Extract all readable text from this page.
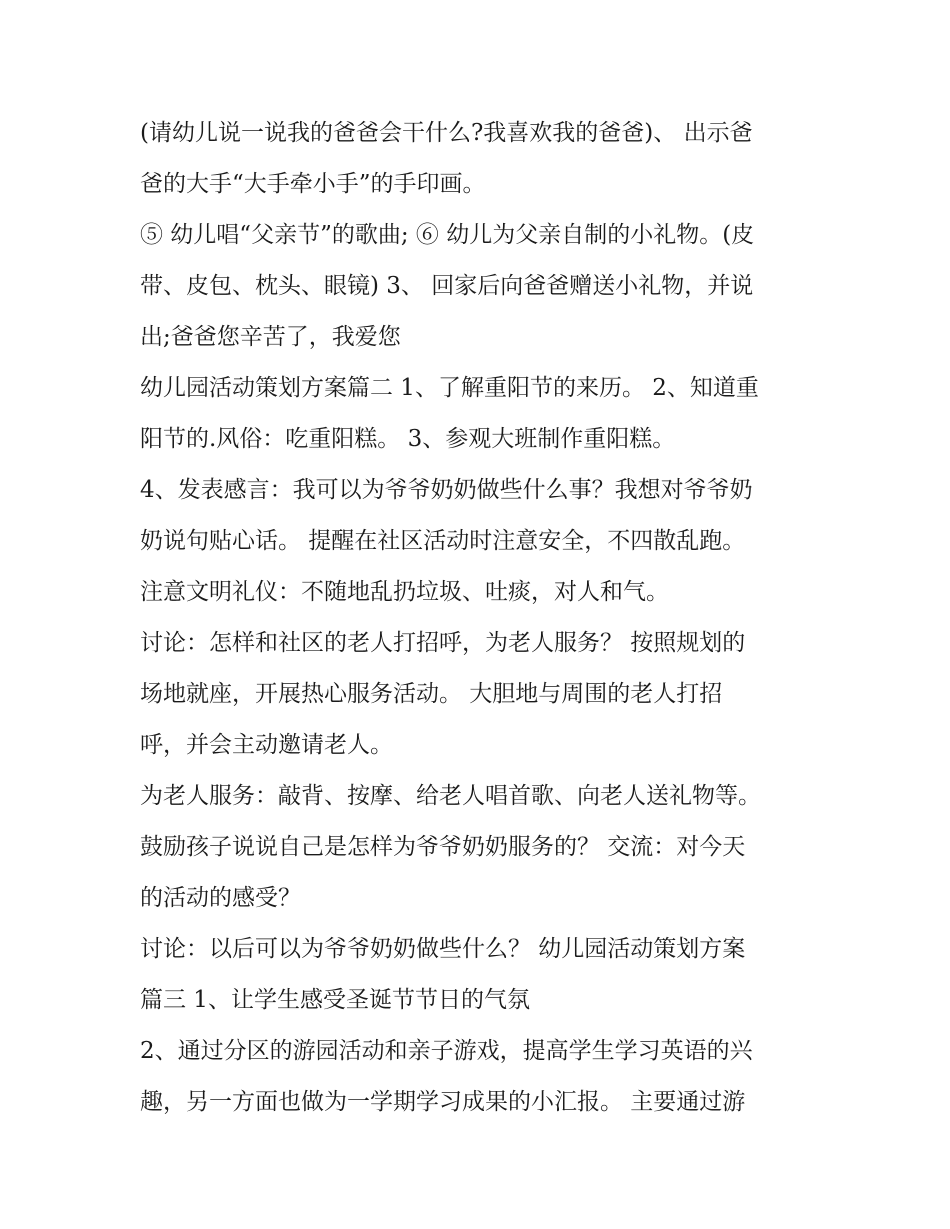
(请幼儿说一说我的爸爸会干什么?我喜欢我的爸爸)、 出示爸
爸的大手“大手牵小手”的手印画。
⑤ 幼儿唱“父亲节”的歌曲; ⑥ 幼儿为父亲自制的小礼物。(皮
带、皮包、枕头、眼镜) 3、 回家后向爸爸赠送小礼物，并说
出;爸爸您辛苦了，我爱您
幼儿园活动策划方案篇二 1、了解重阳节的来历。 2、知道重
阳节的.风俗：吃重阳糕。 3、参观大班制作重阳糕。
4、发表感言：我可以为爷爷奶奶做些什么事？我想对爷爷奶
奶说句贴心话。 提醒在社区活动时注意安全，不四散乱跑。
注意文明礼仪：不随地乱扔垃圾、吐痰，对人和气。
讨论：怎样和社区的老人打招呼，为老人服务？ 按照规划的
场地就座，开展热心服务活动。 大胆地与周围的老人打招
呼，并会主动邀请老人。
为老人服务：敲背、按摩、给老人唱首歌、向老人送礼物等。
鼓励孩子说说自己是怎样为爷爷奶奶服务的？ 交流：对今天
的活动的感受？
讨论：以后可以为爷爷奶奶做些什么？ 幼儿园活动策划方案
篇三 1、让学生感受圣诞节节日的气氛
2、通过分区的游园活动和亲子游戏，提高学生学习英语的兴
趣，另一方面也做为一学期学习成果的小汇报。 主要通过游
